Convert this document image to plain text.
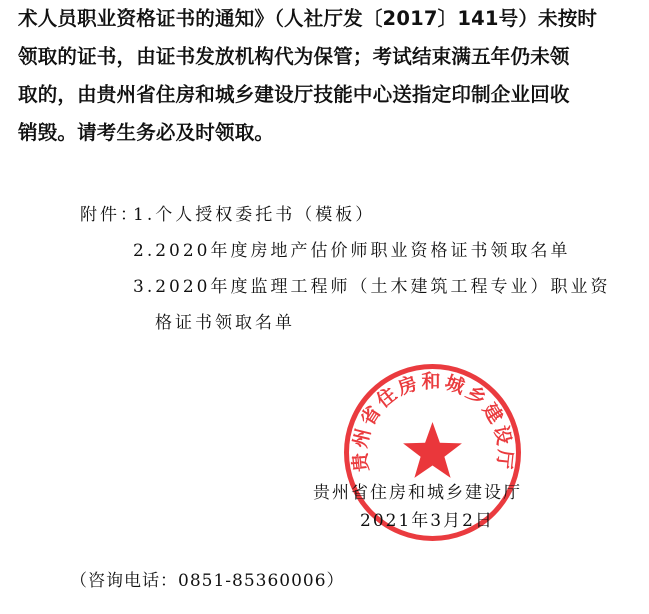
术人员职业资格证书的通知》（人社厅发〔2017〕141号）未按时
领取的证书，由证书发放机构代为保管；考试结束满五年仍未领
取的，由贵州省住房和城乡建设厅技能中心送指定印制企业回收
销毁。请考生务必及时领取。
附件：
1.个人授权委托书（模板）
2.2020年度房地产估价师职业资格证书领取名单
3.2020年度监理工程师（土木建筑工程专业）职业资
格证书领取名单
贵州省住房和城乡建设厅
贵州省住房和城乡建设厅
2021年3月2日
（咨询电话：0851-85360006）
